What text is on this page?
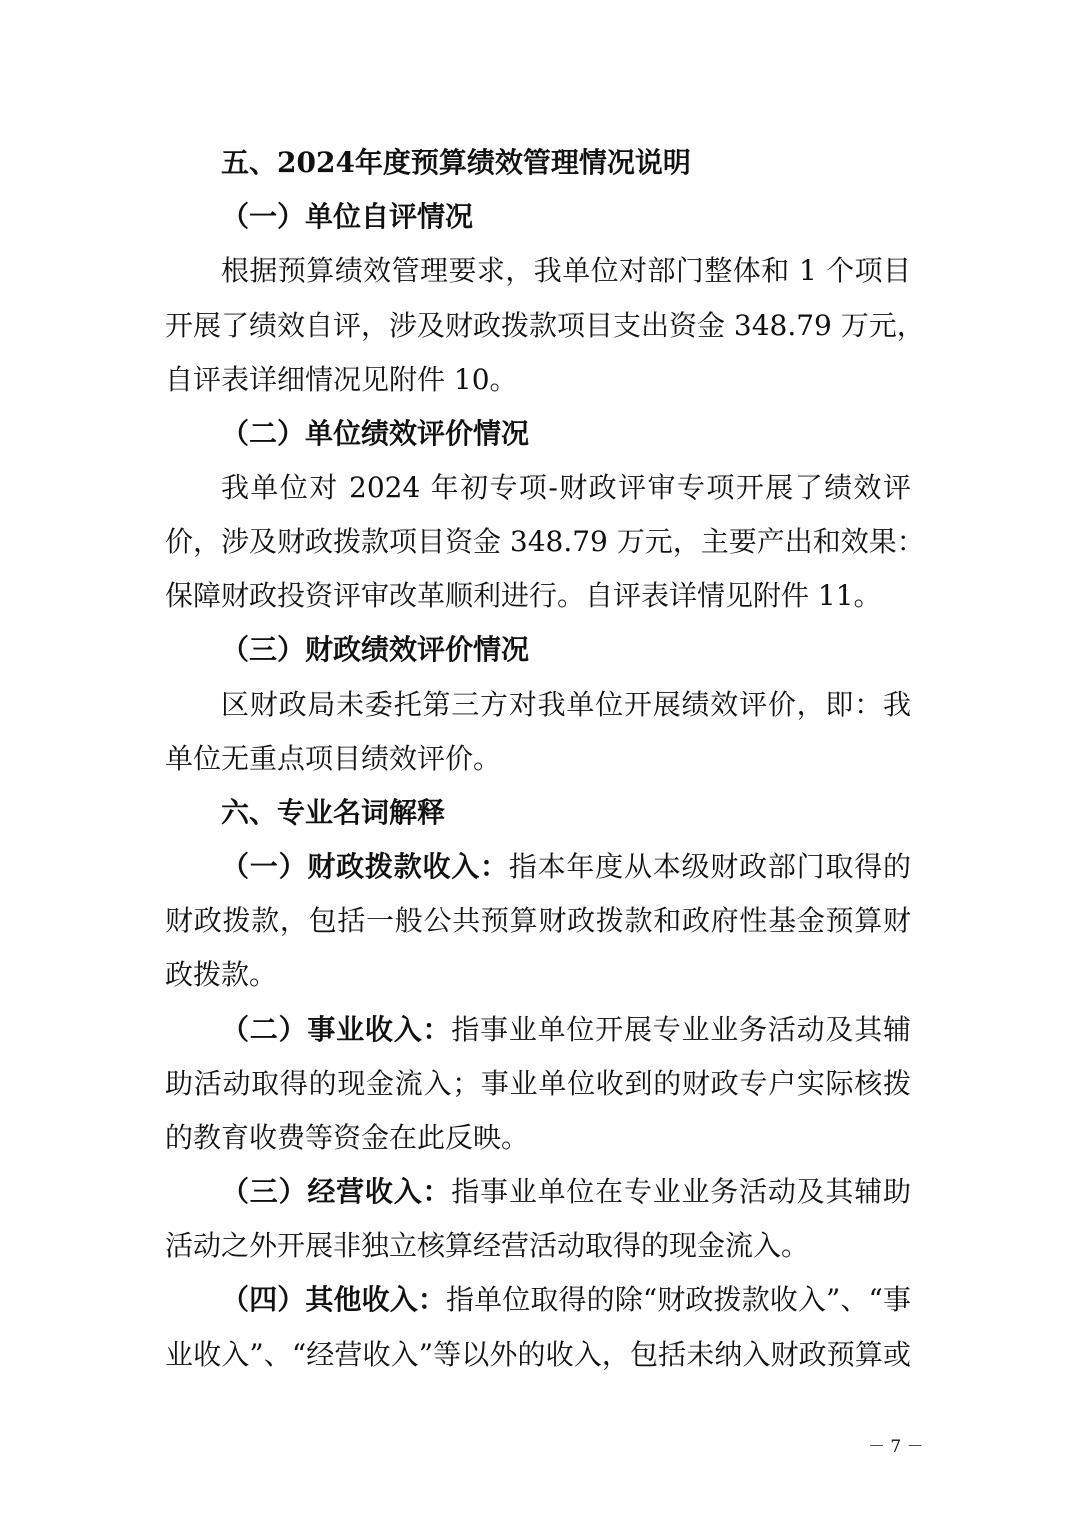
五、2024年度预算绩效管理情况说明
（一）单位自评情况
根据预算绩效管理要求，我单位对部门整体和 1 个项目
开展了绩效自评，涉及财政拨款项目支出资金 348.79 万元，
自评表详细情况见附件 10。
（二）单位绩效评价情况
我单位对 2024 年初专项-财政评审专项开展了绩效评
价，涉及财政拨款项目资金 348.79 万元，主要产出和效果：
保障财政投资评审改革顺利进行。自评表详情见附件 11。
（三）财政绩效评价情况
区财政局未委托第三方对我单位开展绩效评价，即：我
单位无重点项目绩效评价。
六、专业名词解释
（一）财政拨款收入：指本年度从本级财政部门取得的
财政拨款，包括一般公共预算财政拨款和政府性基金预算财
政拨款。
（二）事业收入：指事业单位开展专业业务活动及其辅
助活动取得的现金流入；事业单位收到的财政专户实际核拨
的教育收费等资金在此反映。
（三）经营收入：指事业单位在专业业务活动及其辅助
活动之外开展非独立核算经营活动取得的现金流入。
（四）其他收入：指单位取得的除“财政拨款收入”、“事
业收入”、“经营收入”等以外的收入，包括未纳入财政预算或
－ 7 －
